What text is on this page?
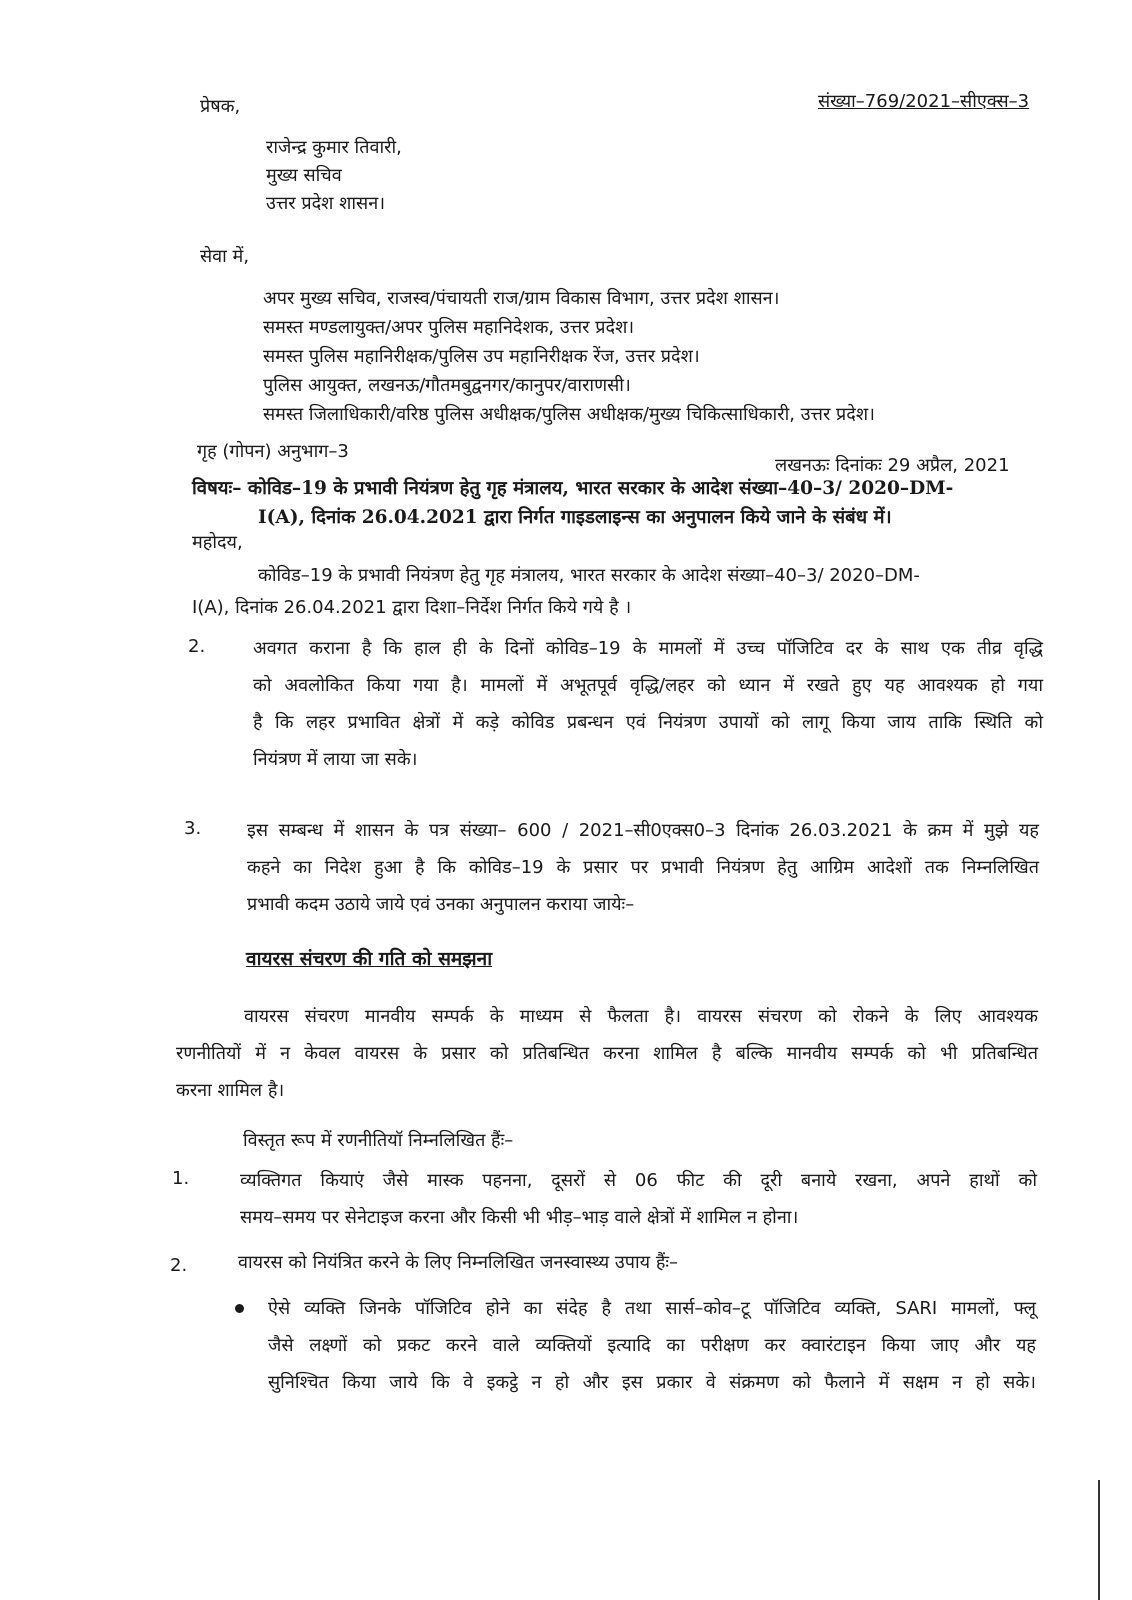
प्रेषक,	संख्या–769/2021–सीएक्स–3
राजेन्द्र कुमार तिवारी,
मुख्य सचिव
उत्तर प्रदेश शासन।
सेवा में,
अपर मुख्य सचिव, राजस्व/पंचायती राज/ग्राम विकास विभाग, उत्तर प्रदेश शासन।
समस्त मण्डलायुक्त/अपर पुलिस महानिदेशक, उत्तर प्रदेश।
समस्त पुलिस महानिरीक्षक/पुलिस उप महानिरीक्षक रेंज, उत्तर प्रदेश।
पुलिस आयुक्त, लखनऊ/गौतमबुद्वनगर/कानुपर/वाराणसी।
समस्त जिलाधिकारी/वरिष्ठ पुलिस अधीक्षक/पुलिस अधीक्षक/मुख्य चिकित्साधिकारी, उत्तर प्रदेश।
गृह (गोपन) अनुभाग–3
लखनऊः दिनांकः 29 अप्रैल, 2021
विषयः– कोविड–19 के प्रभावी नियंत्रण हेतु गृह मंत्रालय, भारत सरकार के आदेश संख्या–40–3/ 2020–DM-
I(A), दिनांक 26.04.2021 द्वारा निर्गत गाइडलाइन्स का अनुपालन किये जाने के संबंध में।
महोदय,
कोविड–19 के प्रभावी नियंत्रण हेतु गृह मंत्रालय, भारत सरकार के आदेश संख्या–40–3/ 2020–DM-
I(A), दिनांक 26.04.2021 द्वारा दिशा–निर्देश निर्गत किये गये है ।
2.	अवगत कराना है कि हाल ही के दिनों कोविड–19 के मामलों में उच्च पॉजिटिव दर के साथ एक तीव्र वृद्धि
को अवलोकित किया गया है। मामलों में अभूतपूर्व वृद्धि/लहर को ध्यान में रखते हुए यह आवश्यक हो गया
है कि लहर प्रभावित क्षेत्रों में कड़े कोविड प्रबन्धन एवं नियंत्रण उपायों को लागू किया जाय ताकि स्थिति को
नियंत्रण में लाया जा सके।
3.	इस सम्बन्ध में शासन के पत्र संख्या– 600 / 2021–सी0एक्स0–3 दिनांक 26.03.2021 के क्रम में मुझे यह
कहने का निदेश हुआ है कि कोविड–19 के प्रसार पर प्रभावी नियंत्रण हेतु आग्रिम आदेशों तक निम्नलिखित
प्रभावी कदम उठाये जाये एवं उनका अनुपालन कराया जायेः–
वायरस संचरण की गति को समझना
वायरस संचरण मानवीय सम्पर्क के माध्यम से फैलता है। वायरस संचरण को रोकने के लिए आवश्यक
रणनीतियों में न केवल वायरस के प्रसार को प्रतिबन्धित करना शामिल है बल्कि मानवीय सम्पर्क को भी प्रतिबन्धित
करना शामिल है।
विस्तृत रूप में रणनीतियॉ निम्नलिखित हैंः–
1.	व्यक्तिगत कियाएं जैसे मास्क पहनना, दूसरों से 06 फीट की दूरी बनाये रखना, अपने हाथों को
समय–समय पर सेनेटाइज करना और किसी भी भीड़–भाड़ वाले क्षेत्रों में शामिल न होना।
2.	वायरस को नियंत्रित करने के लिए निम्नलिखित जनस्वास्थ्य उपाय हैंः–
ऐसे व्यक्ति जिनके पॉजिटिव होने का संदेह है तथा सार्स–कोव–टू पॉजिटिव व्यक्ति, SARI मामलों, फ्लू
जैसे लक्ष्णों को प्रकट करने वाले व्यक्तियों इत्यादि का परीक्षण कर क्वारंटाइन किया जाए और यह
सुनिश्चित किया जाये कि वे इकट्ठे न हो और इस प्रकार वे संक्रमण को फैलाने में सक्षम न हो सके।
